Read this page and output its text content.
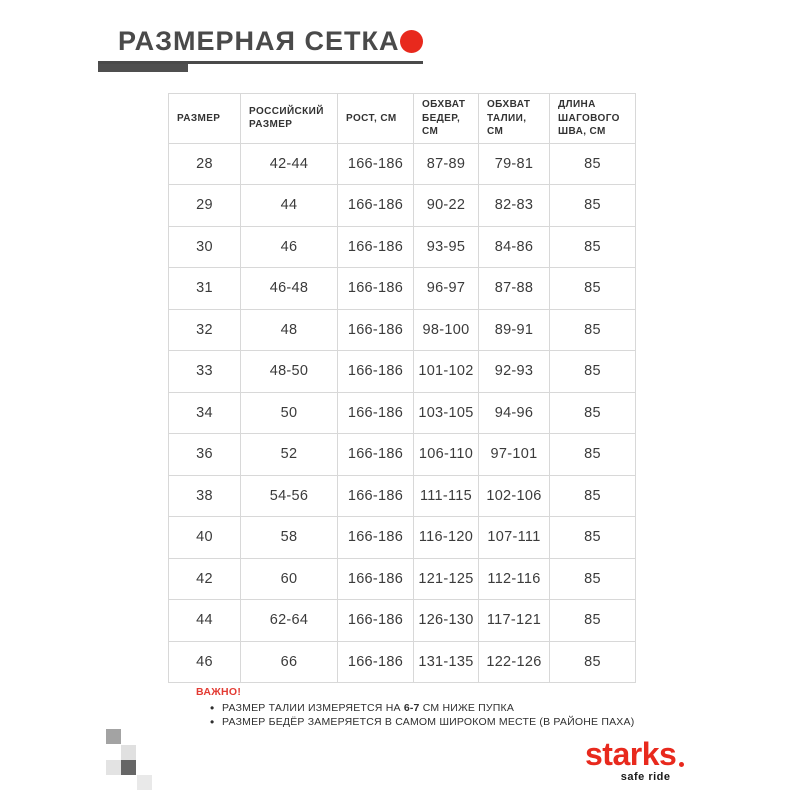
РАЗМЕРНАЯ СЕТКА
РАЗМЕР	РОССИЙСКИЙ РАЗМЕР	РОСТ, СМ	ОБХВАТ БЕДЕР, СМ	ОБХВАТ ТАЛИИ, СМ	ДЛИНА ШАГОВОГО ШВА, СМ
28	42-44	166-186	87-89	79-81	85
29	44	166-186	90-22	82-83	85
30	46	166-186	93-95	84-86	85
31	46-48	166-186	96-97	87-88	85
32	48	166-186	98-100	89-91	85
33	48-50	166-186	101-102	92-93	85
34	50	166-186	103-105	94-96	85
36	52	166-186	106-110	97-101	85
38	54-56	166-186	111-115	102-106	85
40	58	166-186	116-120	107-111	85
42	60	166-186	121-125	112-116	85
44	62-64	166-186	126-130	117-121	85
46	66	166-186	131-135	122-126	85
ВАЖНО!
• РАЗМЕР ТАЛИИ ИЗМЕРЯЕТСЯ НА 6-7 СМ НИЖЕ ПУПКА
• РАЗМЕР БЕДЁР ЗАМЕРЯЕТСЯ В САМОМ ШИРОКОМ МЕСТЕ (В РАЙОНЕ ПАХА)
starks
safe ride
